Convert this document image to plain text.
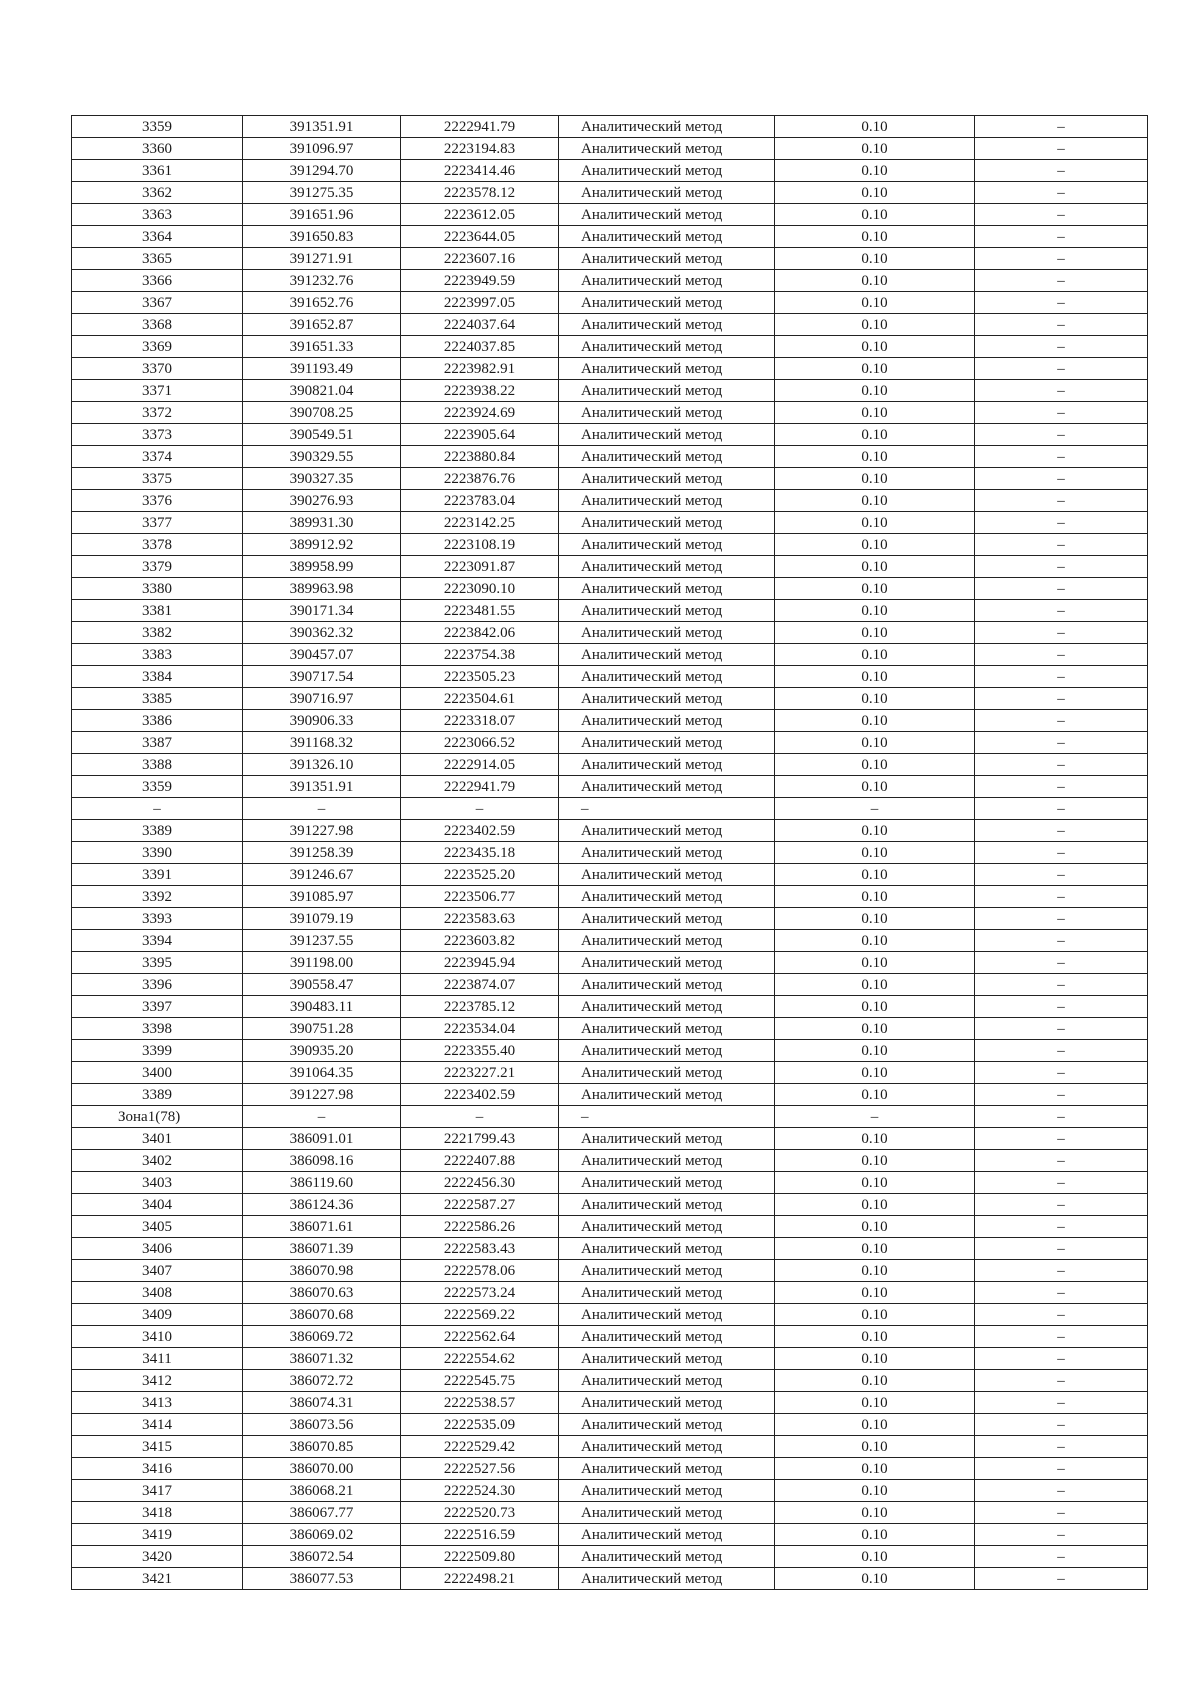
3359	391351.91	2222941.79	Аналитический метод	0.10	–
3360	391096.97	2223194.83	Аналитический метод	0.10	–
3361	391294.70	2223414.46	Аналитический метод	0.10	–
3362	391275.35	2223578.12	Аналитический метод	0.10	–
3363	391651.96	2223612.05	Аналитический метод	0.10	–
3364	391650.83	2223644.05	Аналитический метод	0.10	–
3365	391271.91	2223607.16	Аналитический метод	0.10	–
3366	391232.76	2223949.59	Аналитический метод	0.10	–
3367	391652.76	2223997.05	Аналитический метод	0.10	–
3368	391652.87	2224037.64	Аналитический метод	0.10	–
3369	391651.33	2224037.85	Аналитический метод	0.10	–
3370	391193.49	2223982.91	Аналитический метод	0.10	–
3371	390821.04	2223938.22	Аналитический метод	0.10	–
3372	390708.25	2223924.69	Аналитический метод	0.10	–
3373	390549.51	2223905.64	Аналитический метод	0.10	–
3374	390329.55	2223880.84	Аналитический метод	0.10	–
3375	390327.35	2223876.76	Аналитический метод	0.10	–
3376	390276.93	2223783.04	Аналитический метод	0.10	–
3377	389931.30	2223142.25	Аналитический метод	0.10	–
3378	389912.92	2223108.19	Аналитический метод	0.10	–
3379	389958.99	2223091.87	Аналитический метод	0.10	–
3380	389963.98	2223090.10	Аналитический метод	0.10	–
3381	390171.34	2223481.55	Аналитический метод	0.10	–
3382	390362.32	2223842.06	Аналитический метод	0.10	–
3383	390457.07	2223754.38	Аналитический метод	0.10	–
3384	390717.54	2223505.23	Аналитический метод	0.10	–
3385	390716.97	2223504.61	Аналитический метод	0.10	–
3386	390906.33	2223318.07	Аналитический метод	0.10	–
3387	391168.32	2223066.52	Аналитический метод	0.10	–
3388	391326.10	2222914.05	Аналитический метод	0.10	–
3359	391351.91	2222941.79	Аналитический метод	0.10	–
–	–	–	–	–	–
3389	391227.98	2223402.59	Аналитический метод	0.10	–
3390	391258.39	2223435.18	Аналитический метод	0.10	–
3391	391246.67	2223525.20	Аналитический метод	0.10	–
3392	391085.97	2223506.77	Аналитический метод	0.10	–
3393	391079.19	2223583.63	Аналитический метод	0.10	–
3394	391237.55	2223603.82	Аналитический метод	0.10	–
3395	391198.00	2223945.94	Аналитический метод	0.10	–
3396	390558.47	2223874.07	Аналитический метод	0.10	–
3397	390483.11	2223785.12	Аналитический метод	0.10	–
3398	390751.28	2223534.04	Аналитический метод	0.10	–
3399	390935.20	2223355.40	Аналитический метод	0.10	–
3400	391064.35	2223227.21	Аналитический метод	0.10	–
3389	391227.98	2223402.59	Аналитический метод	0.10	–
Зона1(78)	–	–	–	–	–
3401	386091.01	2221799.43	Аналитический метод	0.10	–
3402	386098.16	2222407.88	Аналитический метод	0.10	–
3403	386119.60	2222456.30	Аналитический метод	0.10	–
3404	386124.36	2222587.27	Аналитический метод	0.10	–
3405	386071.61	2222586.26	Аналитический метод	0.10	–
3406	386071.39	2222583.43	Аналитический метод	0.10	–
3407	386070.98	2222578.06	Аналитический метод	0.10	–
3408	386070.63	2222573.24	Аналитический метод	0.10	–
3409	386070.68	2222569.22	Аналитический метод	0.10	–
3410	386069.72	2222562.64	Аналитический метод	0.10	–
3411	386071.32	2222554.62	Аналитический метод	0.10	–
3412	386072.72	2222545.75	Аналитический метод	0.10	–
3413	386074.31	2222538.57	Аналитический метод	0.10	–
3414	386073.56	2222535.09	Аналитический метод	0.10	–
3415	386070.85	2222529.42	Аналитический метод	0.10	–
3416	386070.00	2222527.56	Аналитический метод	0.10	–
3417	386068.21	2222524.30	Аналитический метод	0.10	–
3418	386067.77	2222520.73	Аналитический метод	0.10	–
3419	386069.02	2222516.59	Аналитический метод	0.10	–
3420	386072.54	2222509.80	Аналитический метод	0.10	–
3421	386077.53	2222498.21	Аналитический метод	0.10	–
